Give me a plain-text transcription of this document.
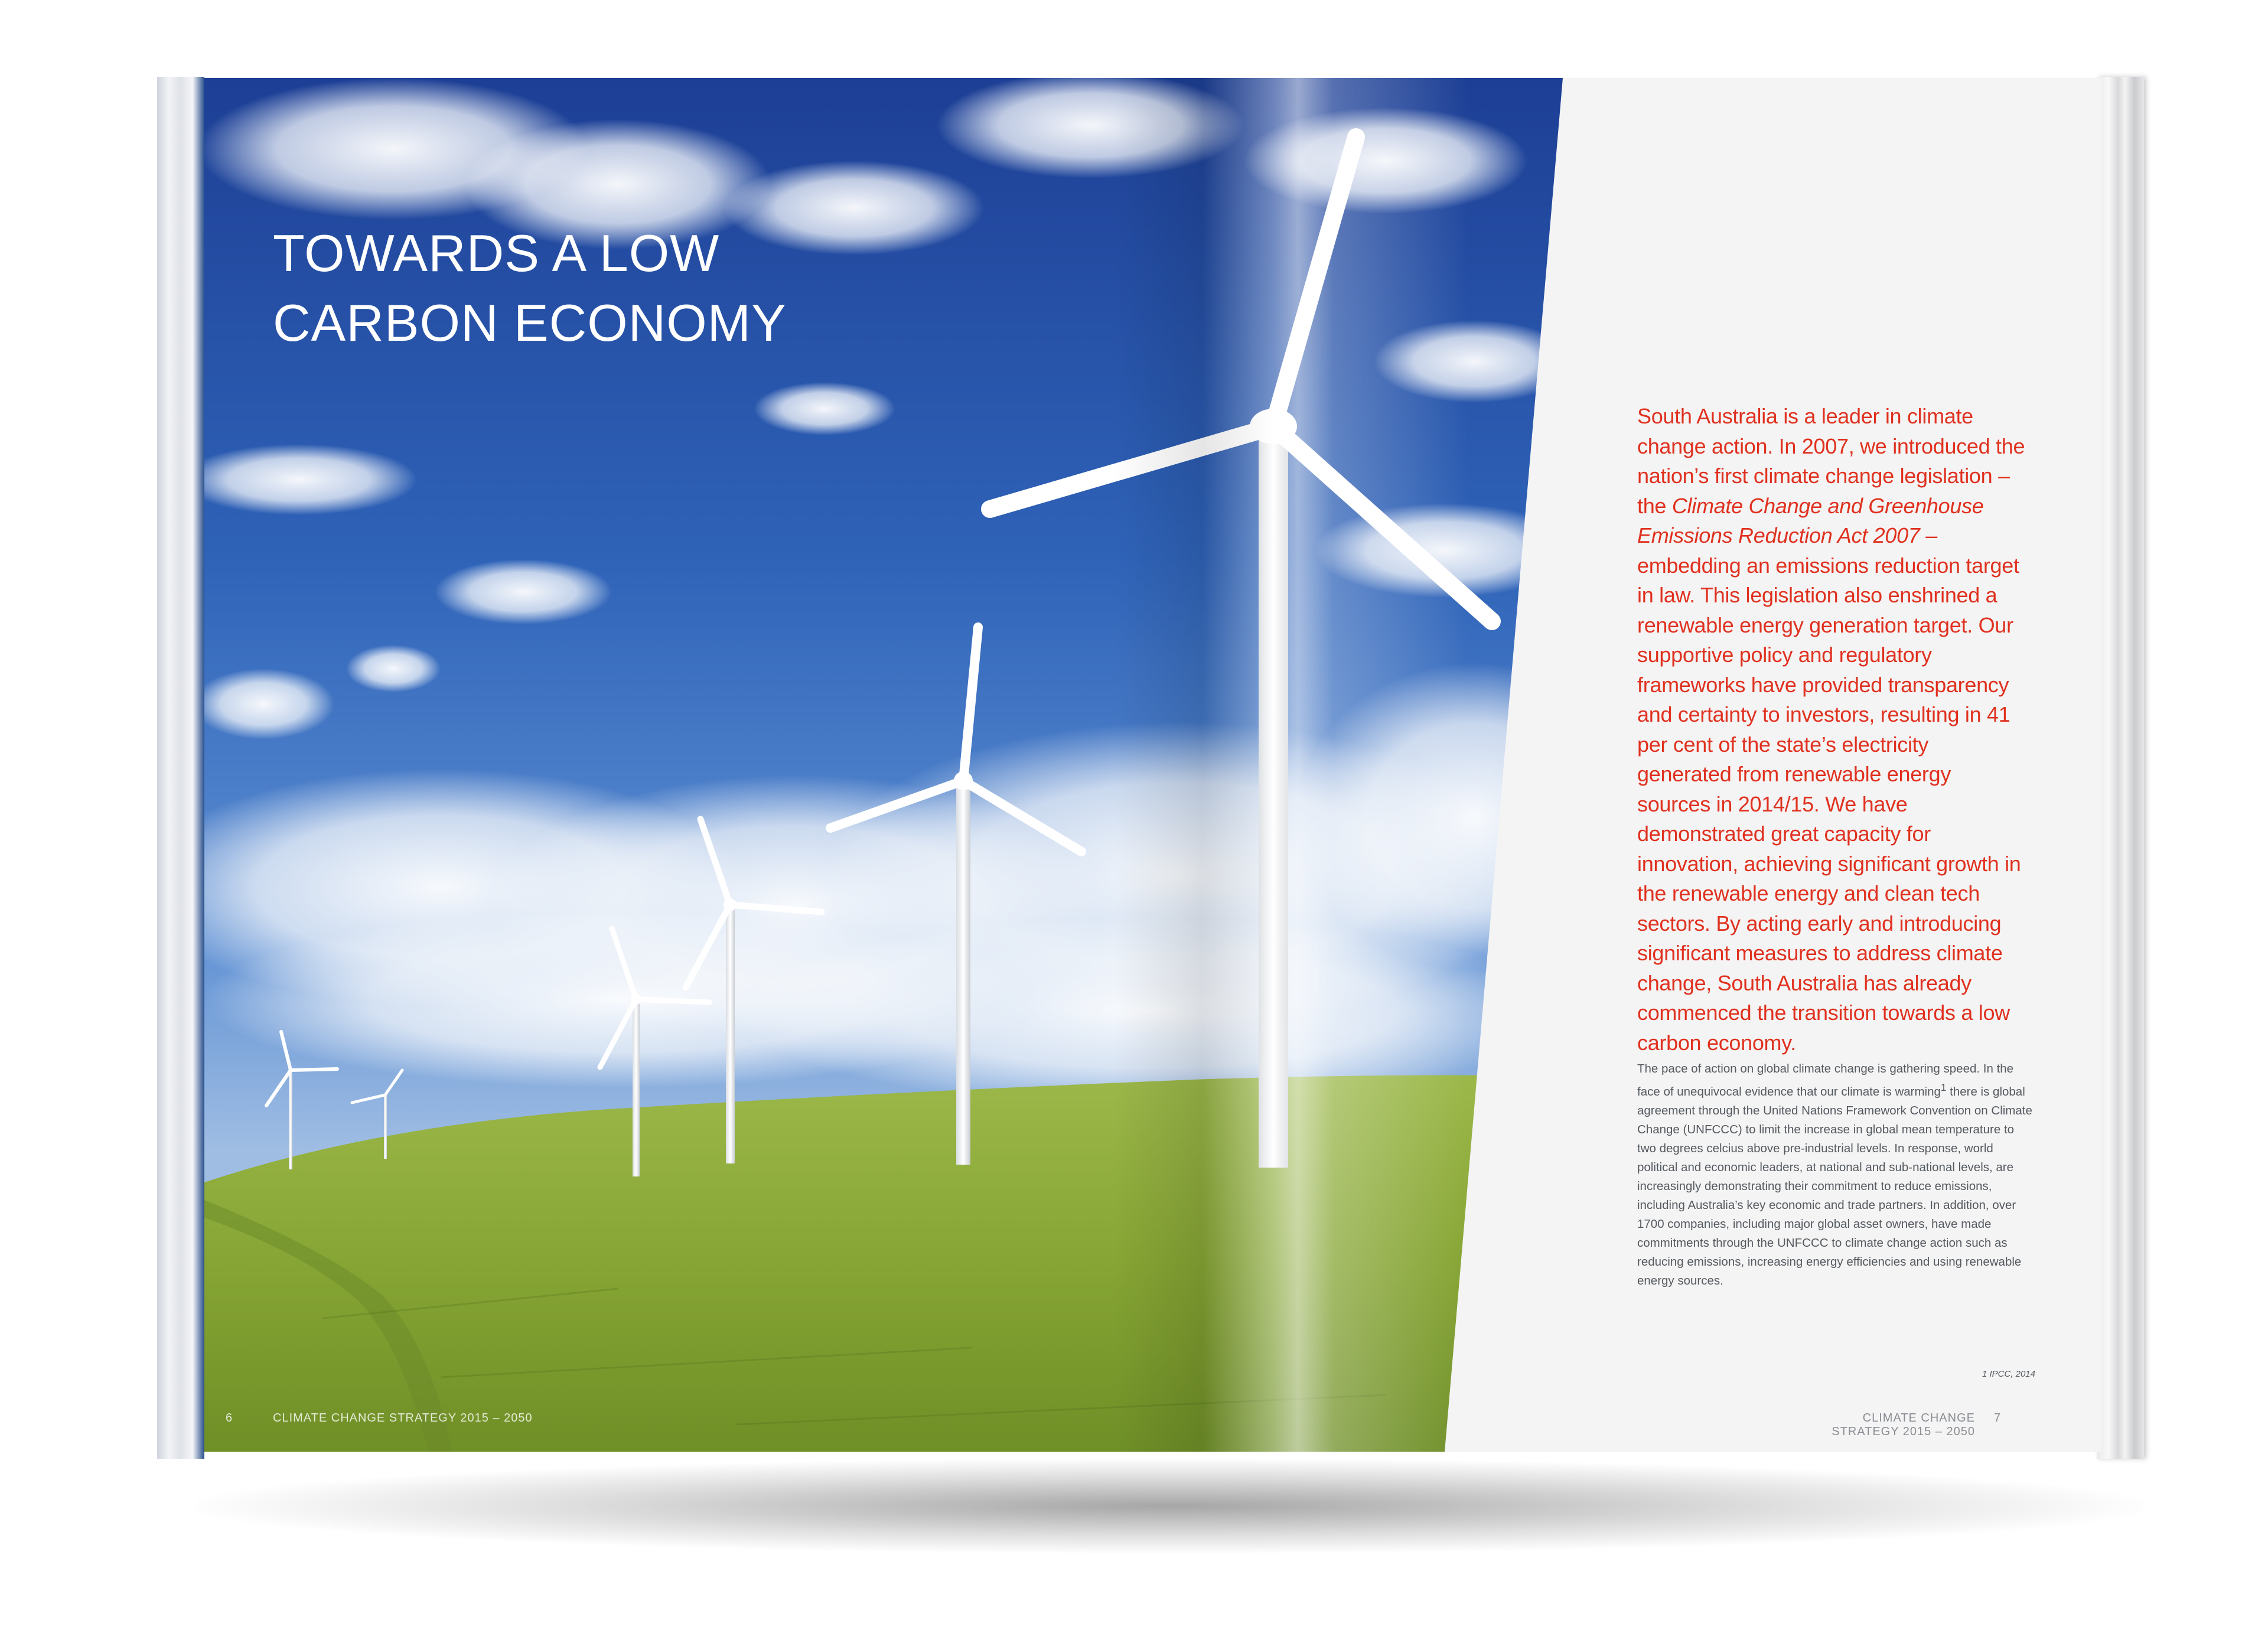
TOWARDS A LOW
CARBON ECONOMY

South Australia is a leader in climate change action. In 2007, we introduced the nation’s first climate change legislation – the Climate Change and Greenhouse Emissions Reduction Act 2007 – embedding an emissions reduction target in law. This legislation also enshrined a renewable energy generation target. Our supportive policy and regulatory frameworks have provided transparency and certainty to investors, resulting in 41 per cent of the state’s electricity generated from renewable energy sources in 2014/15. We have demonstrated great capacity for innovation, achieving significant growth in the renewable energy and clean tech sectors. By acting early and introducing significant measures to address climate change, South Australia has already commenced the transition towards a low carbon economy.

The pace of action on global climate change is gathering speed. In the face of unequivocal evidence that our climate is warming$^1$ there is global agreement through the United Nations Framework Convention on Climate Change (UNFCCC) to limit the increase in global mean temperature to two degrees celcius above pre-industrial levels. In response, world political and economic leaders, at national and sub-national levels, are increasingly demonstrating their commitment to reduce emissions, including Australia’s key economic and trade partners. In addition, over 1700 companies, including major global asset owners, have made commitments through the UNFCCC to climate change action such as reducing emissions, increasing energy efficiencies and using renewable energy sources.

1 IPCC, 2014

6	CLIMATE CHANGE STRATEGY 2015 – 2050	CLIMATE CHANGE STRATEGY 2015 – 2050
7
